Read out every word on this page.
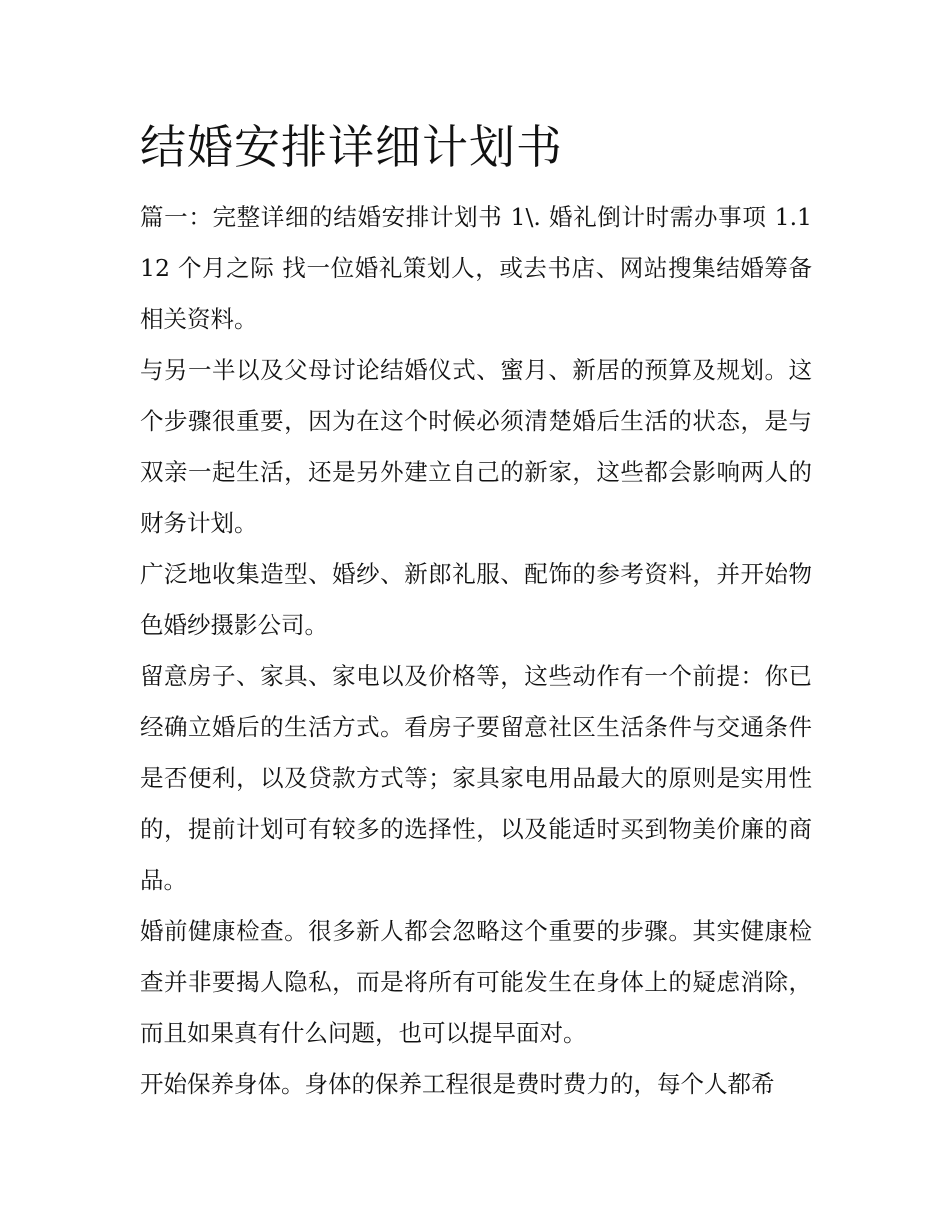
结婚安排详细计划书

篇一：完整详细的结婚安排计划书 1\. 婚礼倒计时需办事项 1.1 12 个月之际 找一位婚礼策划人，或去书店、网站搜集结婚筹备相关资料。

与另一半以及父母讨论结婚仪式、蜜月、新居的预算及规划。这个步骤很重要，因为在这个时候必须清楚婚后生活的状态，是与双亲一起生活，还是另外建立自己的新家，这些都会影响两人的财务计划。

广泛地收集造型、婚纱、新郎礼服、配饰的参考资料，并开始物色婚纱摄影公司。

留意房子、家具、家电以及价格等，这些动作有一个前提：你已经确立婚后的生活方式。看房子要留意社区生活条件与交通条件是否便利，以及贷款方式等；家具家电用品最大的原则是实用性的，提前计划可有较多的选择性，以及能适时买到物美价廉的商品。

婚前健康检查。很多新人都会忽略这个重要的步骤。其实健康检查并非要揭人隐私，而是将所有可能发生在身体上的疑虑消除，而且如果真有什么问题，也可以提早面对。

开始保养身体。身体的保养工程很是费时费力的，每个人都希
